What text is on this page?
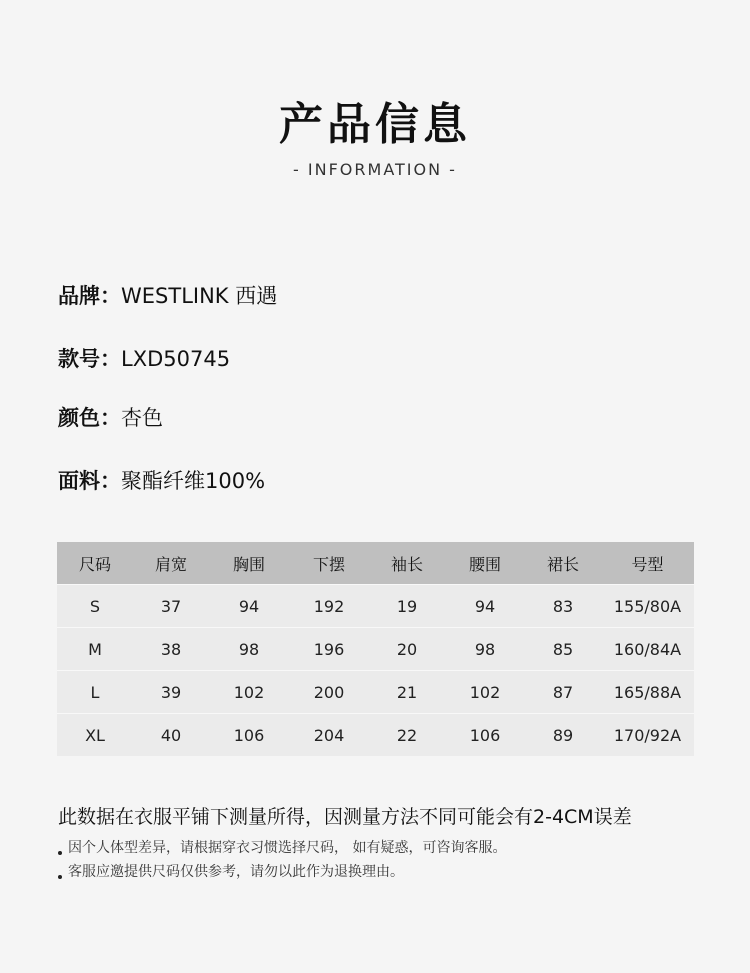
产品信息
- INFORMATION -
品牌：WESTLINK 西遇
款号：LXD50745
颜色：杏色
面料：聚酯纤维100%
尺码	肩宽	胸围	下摆	袖长	腰围	裙长	号型
S	37	94	192	19	94	83	155/80A
M	38	98	196	20	98	85	160/84A
L	39	102	200	21	102	87	165/88A
XL	40	106	204	22	106	89	170/92A
此数据在衣服平铺下测量所得，因测量方法不同可能会有2-4CM误差
因个人体型差异，请根据穿衣习惯选择尺码， 如有疑惑，可咨询客服。
客服应邀提供尺码仅供参考，请勿以此作为退换理由。
